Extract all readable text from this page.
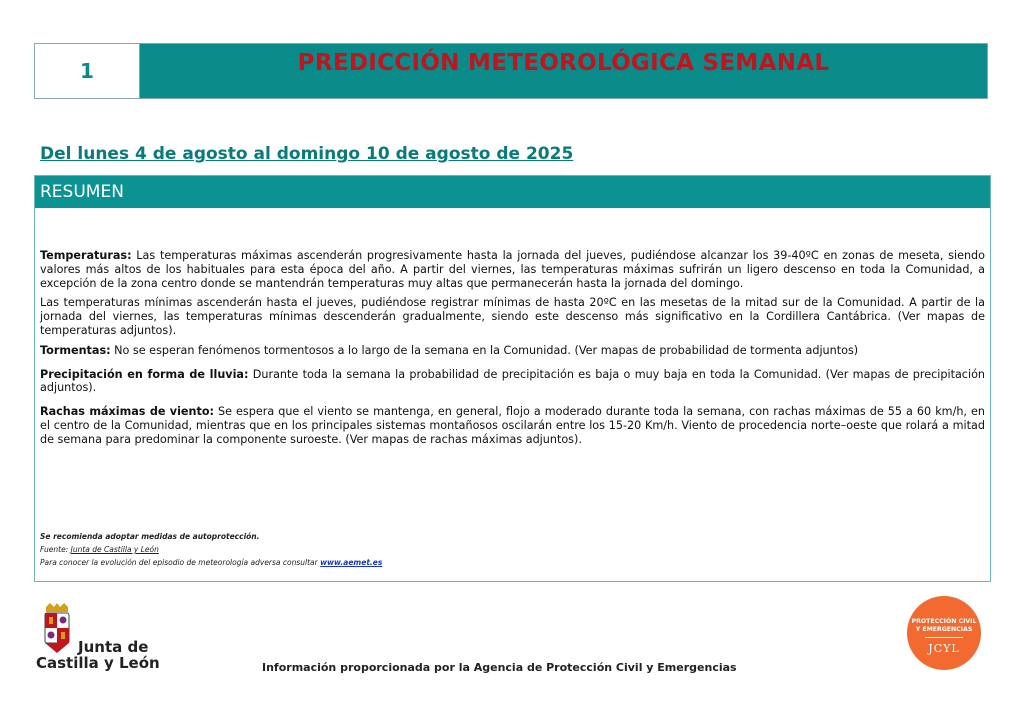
1	PREDICCIÓN METEOROLÓGICA SEMANAL
Del lunes 4 de agosto al domingo 10 de agosto de 2025
RESUMEN

Temperaturas: Las temperaturas máximas ascenderán progresivamente hasta la jornada del jueves, pudiéndose alcanzar los 39-40ºC en zonas de meseta, siendo valores más altos de los habituales para esta época del año. A partir del viernes, las temperaturas máximas sufrirán un ligero descenso en toda la Comunidad, a excepción de la zona centro donde se mantendrán temperaturas muy altas que permanecerán hasta la jornada del domingo.

Las temperaturas mínimas ascenderán hasta el jueves, pudiéndose registrar mínimas de hasta 20ºC en las mesetas de la mitad sur de la Comunidad. A partir de la jornada del viernes, las temperaturas mínimas descenderán gradualmente, siendo este descenso más significativo en la Cordillera Cantábrica. (Ver mapas de temperaturas adjuntos).

Tormentas: No se esperan fenómenos tormentosos a lo largo de la semana en la Comunidad. (Ver mapas de probabilidad de tormenta adjuntos)

Precipitación en forma de lluvia: Durante toda la semana la probabilidad de precipitación es baja o muy baja en toda la Comunidad. (Ver mapas de precipitación adjuntos).

Rachas máximas de viento: Se espera que el viento se mantenga, en general, flojo a moderado durante toda la semana, con rachas máximas de 55 a 60 km/h, en el centro de la Comunidad, mientras que en los principales sistemas montañosos oscilarán entre los 15-20 Km/h. Viento de procedencia norte–oeste que rolará a mitad de semana para predominar la componente suroeste. (Ver mapas de rachas máximas adjuntos).

Se recomienda adoptar medidas de autoprotección.
Fuente: Junta de Castilla y León
Para conocer la evolución del episodio de meteorología adversa consultar www.aemet.es
Junta de
Castilla y León	Información proporcionada por la Agencia de Protección Civil y Emergencias
PROTECCIÓN CIVIL
Y EMERGENCIAS
JCYL
